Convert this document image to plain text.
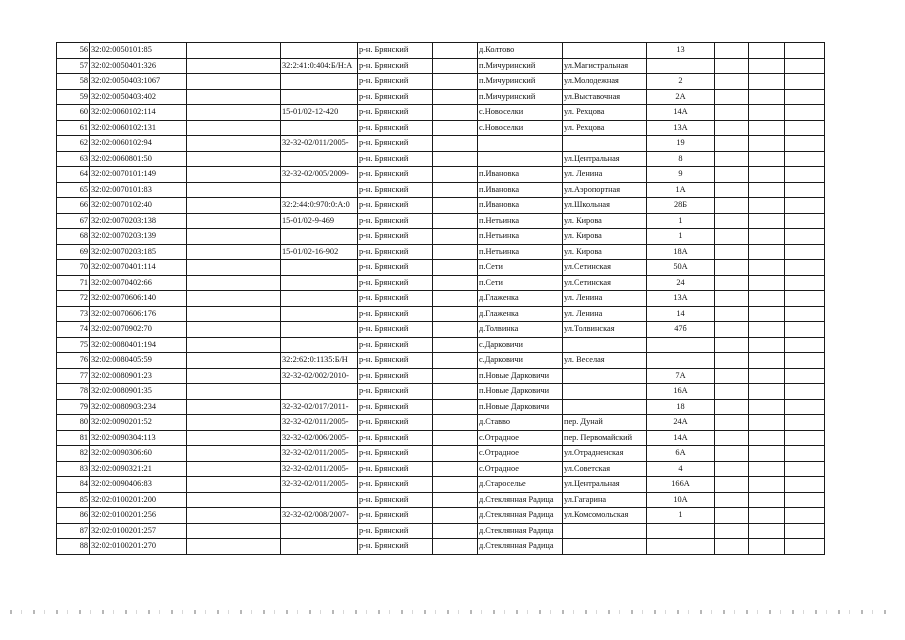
56	32:02:0050101:85			р-н. Брянский		д.Колтово		13			
57	32:02:0050401:326		32:2:41:0:404:Б/Н:А	р-н. Брянский		п.Мичуринский	ул.Магистральная				
58	32:02:0050403:1067			р-н. Брянский		п.Мичуринский	ул.Молодежная	2			
59	32:02:0050403:402			р-н. Брянский		п.Мичуринский	ул.Выставочная	2А			
60	32:02:0060102:114		15-01/02-12-420	р-н. Брянский		с.Новоселки	ул. Рехцова	14А			
61	32:02:0060102:131			р-н. Брянский		с.Новоселки	ул. Рехцова	13А			
62	32:02:0060102:94		32-32-02/011/2005-	р-н. Брянский				19			
63	32:02:0060801:50			р-н. Брянский			ул.Центральная	8			
64	32:02:0070101:149		32-32-02/005/2009-	р-н. Брянский		п.Ивановка	ул. Ленина	9			
65	32:02:0070101:83			р-н. Брянский		п.Ивановка	ул.Аэропортная	1А			
66	32:02:0070102:40		32:2:44:0:970:0:А:0	р-н. Брянский		п.Ивановка	ул.Школьная	28Б			
67	32:02:0070203:138		15-01/02-9-469	р-н. Брянский		п.Нетьинка	ул. Кирова	1			
68	32:02:0070203:139			р-н. Брянский		п.Нетьинка	ул. Кирова	1			
69	32:02:0070203:185		15-01/02-16-902	р-н. Брянский		п.Нетьинка	ул. Кирова	18А			
70	32:02:0070401:114			р-н. Брянский		п.Сети	ул.Сетинская	50А			
71	32:02:0070402:66			р-н. Брянский		п.Сети	ул.Сетинская	24			
72	32:02:0070606:140			р-н. Брянский		д.Глаженка	ул. Ленина	13А			
73	32:02:0070606:176			р-н. Брянский		д.Глаженка	ул. Ленина	14			
74	32:02:0070902:70			р-н. Брянский		д.Толвинка	ул.Толвинская	47б			
75	32:02:0080401:194			р-н. Брянский		с.Дарковичи					
76	32:02:0080405:59		32:2:62:0:1135:Б/Н	р-н. Брянский		с.Дарковичи	ул. Веселая				
77	32:02:0080901:23		32-32-02/002/2010-	р-н. Брянский		п.Новые Дарковичи		7А			
78	32:02:0080901:35			р-н. Брянский		п.Новые Дарковичи		16А			
79	32:02:0080903:234		32-32-02/017/2011-	р-н. Брянский		п.Новые Дарковичи		18			
80	32:02:0090201:52		32-32-02/011/2005-	р-н. Брянский		д.Ставво	пер. Дунай	24А			
81	32:02:0090304:113		32-32-02/006/2005-	р-н. Брянский		с.Отрадное	пер. Первомайский	14А			
82	32:02:0090306:60		32-32-02/011/2005-	р-н. Брянский		с.Отрадное	ул.Отрадненская	6А			
83	32:02:0090321:21		32-32-02/011/2005-	р-н. Брянский		с.Отрадное	ул.Советская	4			
84	32:02:0090406:83		32-32-02/011/2005-	р-н. Брянский		д.Староселье	ул.Центральная	166А			
85	32:02:0100201:200			р-н. Брянский		д.Стеклянная Радица	ул.Гагарина	10А			
86	32:02:0100201:256		32-32-02/008/2007-	р-н. Брянский		д.Стеклянная Радица	ул.Комсомольская	1			
87	32:02:0100201:257			р-н. Брянский		д.Стеклянная Радица					
88	32:02:0100201:270			р-н. Брянский		д.Стеклянная Радица					
